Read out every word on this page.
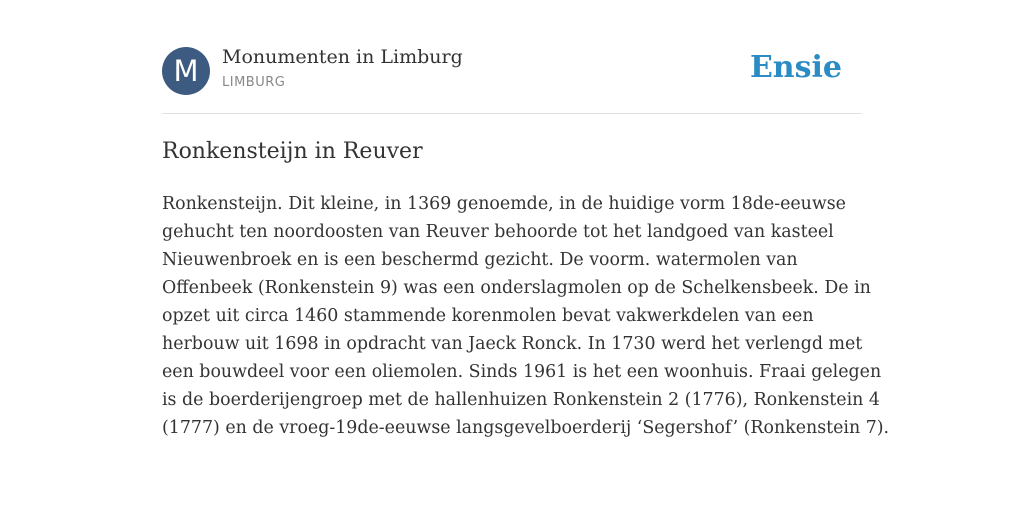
M	Monumenten in Limburg
LIMBURG	Ensie
Ronkensteijn in Reuver
Ronkensteijn. Dit kleine, in 1369 genoemde, in de huidige vorm 18de-eeuwse
gehucht ten noordoosten van Reuver behoorde tot het landgoed van kasteel
Nieuwenbroek en is een beschermd gezicht. De voorm. watermolen van
Offenbeek (Ronkenstein 9) was een onderslagmolen op de Schelkensbeek. De in
opzet uit circa 1460 stammende korenmolen bevat vakwerkdelen van een
herbouw uit 1698 in opdracht van Jaeck Ronck. In 1730 werd het verlengd met
een bouwdeel voor een oliemolen. Sinds 1961 is het een woonhuis. Fraai gelegen
is de boerderijengroep met de hallenhuizen Ronkenstein 2 (1776), Ronkenstein 4
(1777) en de vroeg-19de-eeuwse langsgevelboerderij ‘Segershof’ (Ronkenstein 7).
